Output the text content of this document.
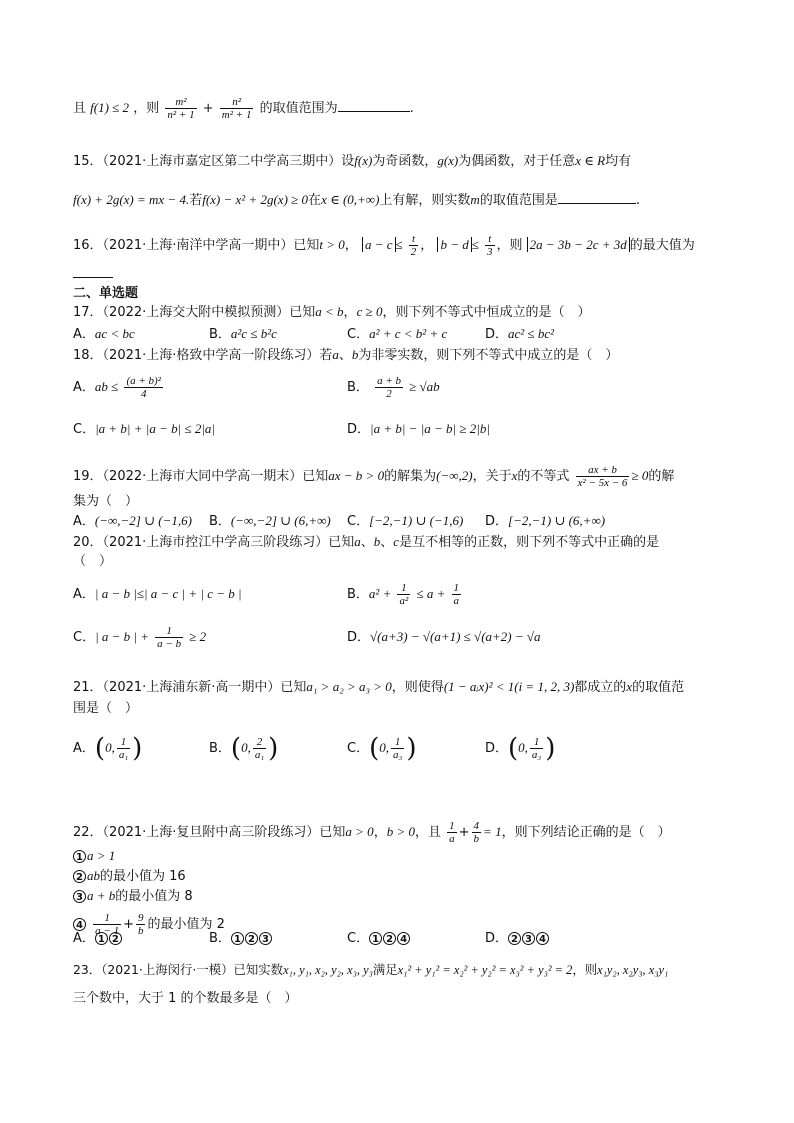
且 f(1) ≤ 2 ，则 $\frac{\text{m²}}{\text{n² + 1}} + \frac{\text{n²}}{\text{m² + 1}}$ 的取值范围为	.
15．（2021·上海市嘉定区第二中学高三期中）设f(x)为奇函数，g(x)为偶函数，对于任意x ∈ R均有
f(x) + 2g(x) = mx − 4.若f(x) − x² + 2g(x) ≥ 0在x ∈ (0,+∞)上有解，则实数m的取值范围是	.
16．（2021·上海·南洋中学高一期中）已知t > 0， $a - c \le \frac{t}{2}$ ， $b - d \le \frac{t}{3}$ ，则 2a − 3b − 2c + 3d 的最大值为
二、单选题
17．（2022·上海交大附中模拟预测）已知a < b，c ≥ 0，则下列不等式中恒成立的是（　）
A．ac < bc	B．a²c ≤ b²c	C．a² + c < b² + c	D．ac² ≤ bc²
18．（2021·上海·格致中学高一阶段练习）若a、b为非零实数，则下列不等式中成立的是（　）
A．ab ≤ $\frac{\text{(a + b)²}}{4}$	B． $\frac{a + b}{2} \ge √ab$
C．|a + b| + |a − b| ≤ 2|a|	D．|a + b| − |a − b| ≥ 2|b|
19．（2022·上海市大同中学高一期末）已知ax − b > 0的解集为(−∞,2)，关于x的不等式 $\frac{ax + b}{\text{x² − 5x − 6}} \ge 0$的解
集为（　）
A．(−∞,−2] ∪ (−1,6) B．(−∞,−2] ∪ (6,+∞) C．[−2,−1) ∪ (−1,6) D．[−2,−1) ∪ (6,+∞)
20．（2021·上海市控江中学高三阶段练习）已知a、b、c是互不相等的正数，则下列不等式中正确的是
（　）
A．| a − b |≤| a − c | + | c − b |	B．$a^2 + \frac{1}{\text{a²}} \le a + \frac{1}{a}$
C．| a − b | + $\frac{1}{a - b} \ge 2$	D．√(a+3) − √(a+1) ≤ √(a+2) − √a
21．（2021·上海浦东新·高一期中）已知a₁ > a₂ > a₃ > 0，则使得(1 − aᵢx)² < 1(i = 1, 2, 3)都成立的x的取值范
围是（　）
A．(0, $\frac{1}{\text{a₁}}$ )	B．(0, $\frac{2}{\text{a₁}}$ )	C．(0, $\frac{1}{\text{a₃}}$ )	D．(0, $\frac{1}{\text{a₃}}$ )
22．（2021·上海·复旦附中高三阶段练习）已知a > 0，b > 0，且 $\frac{1}{a} + \frac{4}{b} = 1$，则下列结论正确的是（　）
1 a > 1
2 ab的最小值为 16
3 a + b的最小值为 8
$4 \frac{1}{a - 1} + \frac{9}{b}$ 的最小值为 2
A． 1 2	B． 1 2 3	C． 1 2 4	D． 2 3 4
23．（2021·上海闵行·一模）已知实数x₁, y₁, x₂, y₂, x₃, y₃满足x₁² + y₁² = x₂² + y₂² = x₃² + y₃² = 2，则x₁y₂, x₂y₃, x₃y₁
三个数中，大于 1 的个数最多是（　）
